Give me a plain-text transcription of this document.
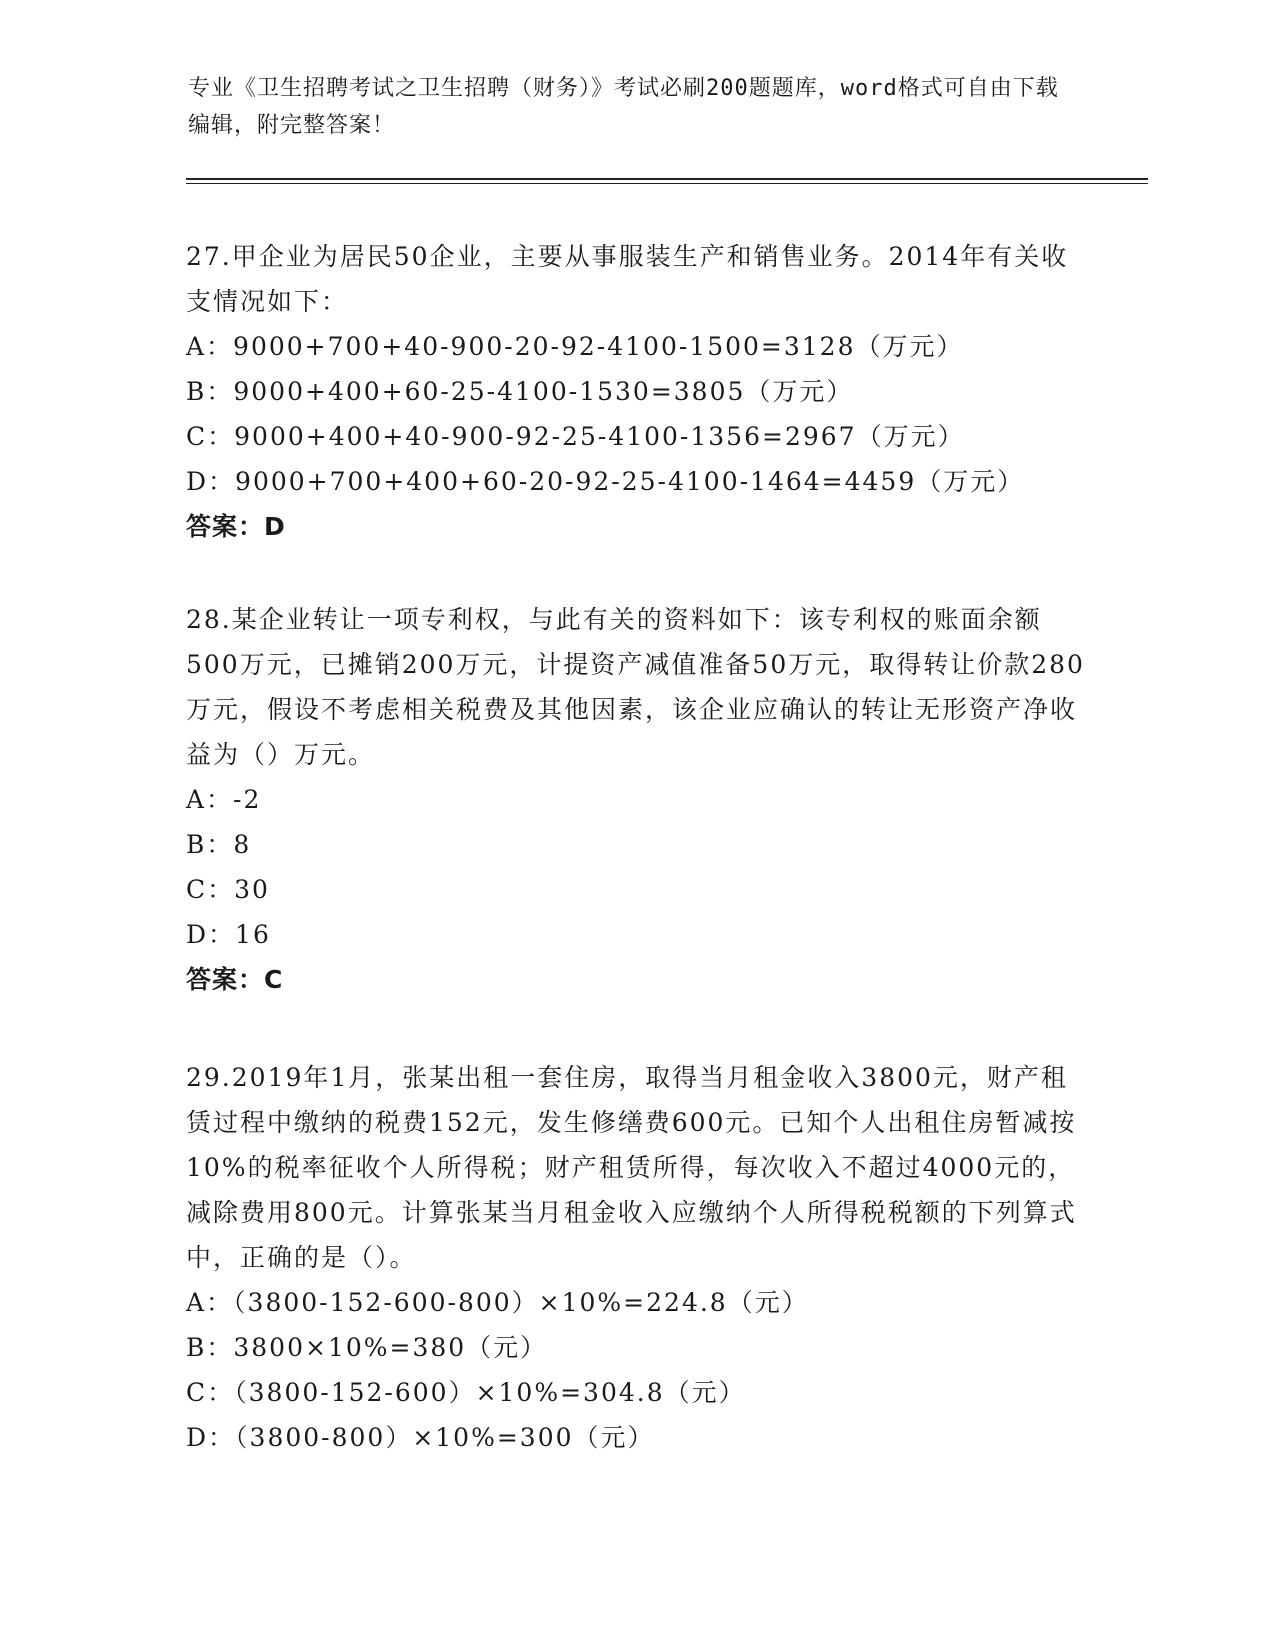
专业《卫生招聘考试之卫生招聘（财务）》考试必刷200题题库，word格式可自由下载编辑，附完整答案！

27.甲企业为居民50企业，主要从事服装生产和销售业务。2014年有关收支情况如下：

A：9000+700+40-900-20-92-4100-1500=3128（万元）

B：9000+400+60-25-4100-1530=3805（万元）

C：9000+400+40-900-92-25-4100-1356=2967（万元）

D：9000+700+400+60-20-92-25-4100-1464=4459（万元）

答案：D

28.某企业转让一项专利权，与此有关的资料如下：该专利权的账面余额500万元，已摊销200万元，计提资产减值准备50万元，取得转让价款280万元，假设不考虑相关税费及其他因素，该企业应确认的转让无形资产净收益为（）万元。

A：-2

B：8

C：30

D：16

答案：C

29.2019年1月，张某出租一套住房，取得当月租金收入3800元，财产租赁过程中缴纳的税费152元，发生修缮费600元。已知个人出租住房暂减按10%的税率征收个人所得税；财产租赁所得，每次收入不超过4000元的，减除费用800元。计算张某当月租金收入应缴纳个人所得税税额的下列算式中，正确的是（）。

A：（3800-152-600-800）×10%=224.8（元）

B：3800×10%=380（元）

C：（3800-152-600）×10%=304.8（元）

D：（3800-800）×10%=300（元）
